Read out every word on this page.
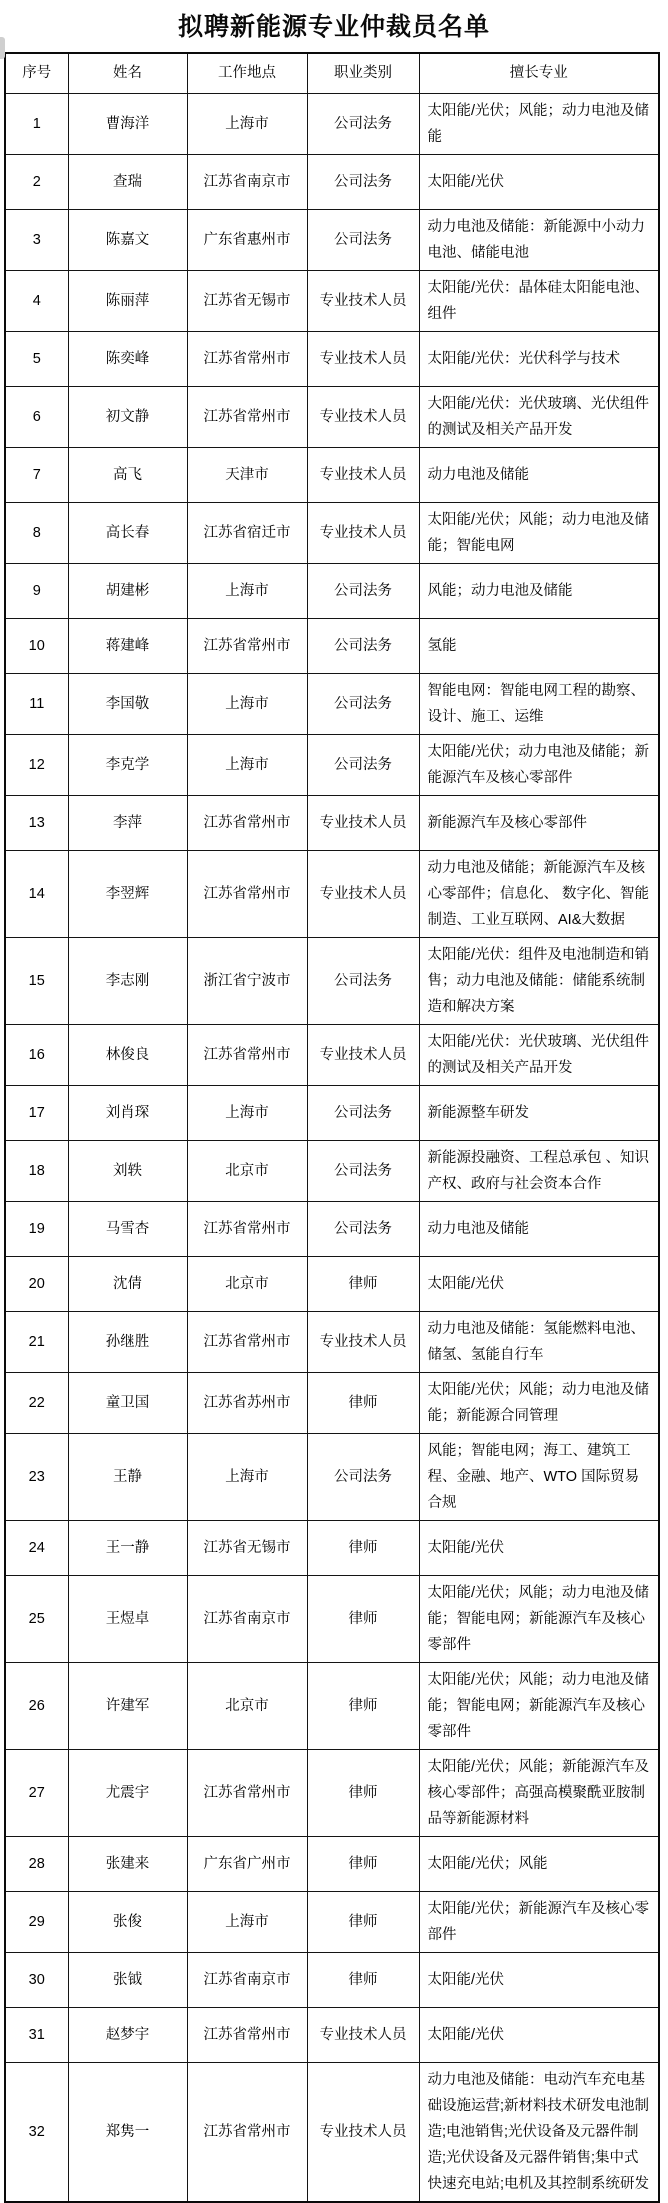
拟聘新能源专业仲裁员名单
序号	姓名	工作地点	职业类别	擅长专业
1	曹海洋	上海市	公司法务	太阳能/光伏；风能；动力电池及储能
2	查瑞	江苏省南京市	公司法务	太阳能/光伏
3	陈嘉文	广东省惠州市	公司法务	动力电池及储能：新能源中小动力电池、储能电池
4	陈丽萍	江苏省无锡市	专业技术人员	太阳能/光伏：晶体硅太阳能电池、组件
5	陈奕峰	江苏省常州市	专业技术人员	太阳能/光伏：光伏科学与技术
6	初文静	江苏省常州市	专业技术人员	大阳能/光伏：光伏玻璃、光伏组件的测试及相关产品开发
7	高飞	天津市	专业技术人员	动力电池及储能
8	高长春	江苏省宿迁市	专业技术人员	太阳能/光伏；风能；动力电池及储能；智能电网
9	胡建彬	上海市	公司法务	风能；动力电池及储能
10	蒋建峰	江苏省常州市	公司法务	氢能
11	李国敬	上海市	公司法务	智能电网：智能电网工程的勘察、设计、施工、运维
12	李克学	上海市	公司法务	太阳能/光伏；动力电池及储能；新能源汽车及核心零部件
13	李萍	江苏省常州市	专业技术人员	新能源汽车及核心零部件
14	李翌辉	江苏省常州市	专业技术人员	动力电池及储能；新能源汽车及核心零部件；信息化、 数字化、智能制造、工业互联网、AI&大数据
15	李志刚	浙江省宁波市	公司法务	太阳能/光伏：组件及电池制造和销售；动力电池及储能：储能系统制造和解决方案
16	林俊良	江苏省常州市	专业技术人员	太阳能/光伏：光伏玻璃、光伏组件的测试及相关产品开发
17	刘肖琛	上海市	公司法务	新能源整车研发
18	刘轶	北京市	公司法务	新能源投融资、工程总承包 、知识产权、政府与社会资本合作
19	马雪杏	江苏省常州市	公司法务	动力电池及储能
20	沈倩	北京市	律师	太阳能/光伏
21	孙继胜	江苏省常州市	专业技术人员	动力电池及储能：氢能燃料电池、储氢、氢能自行车
22	童卫国	江苏省苏州市	律师	太阳能/光伏；风能；动力电池及储能；新能源合同管理
23	王静	上海市	公司法务	风能；智能电网；海工、建筑工程、金融、地产、WTO 国际贸易合规
24	王一静	江苏省无锡市	律师	太阳能/光伏
25	王煜卓	江苏省南京市	律师	太阳能/光伏；风能；动力电池及储能；智能电网；新能源汽车及核心零部件
26	许建军	北京市	律师	太阳能/光伏；风能；动力电池及储能；智能电网；新能源汽车及核心零部件
27	尤震宇	江苏省常州市	律师	太阳能/光伏；风能；新能源汽车及核心零部件；高强高模聚酰亚胺制品等新能源材料
28	张建来	广东省广州市	律师	太阳能/光伏；风能
29	张俊	上海市	律师	太阳能/光伏；新能源汽车及核心零部件
30	张钺	江苏省南京市	律师	太阳能/光伏
31	赵梦宇	江苏省常州市	专业技术人员	太阳能/光伏
32	郑隽一	江苏省常州市	专业技术人员	动力电池及储能：电动汽车充电基础设施运营;新材料技术研发电池制造;电池销售;光伏设备及元器件制造;光伏设备及元器件销售;集中式快速充电站;电机及其控制系统研发
